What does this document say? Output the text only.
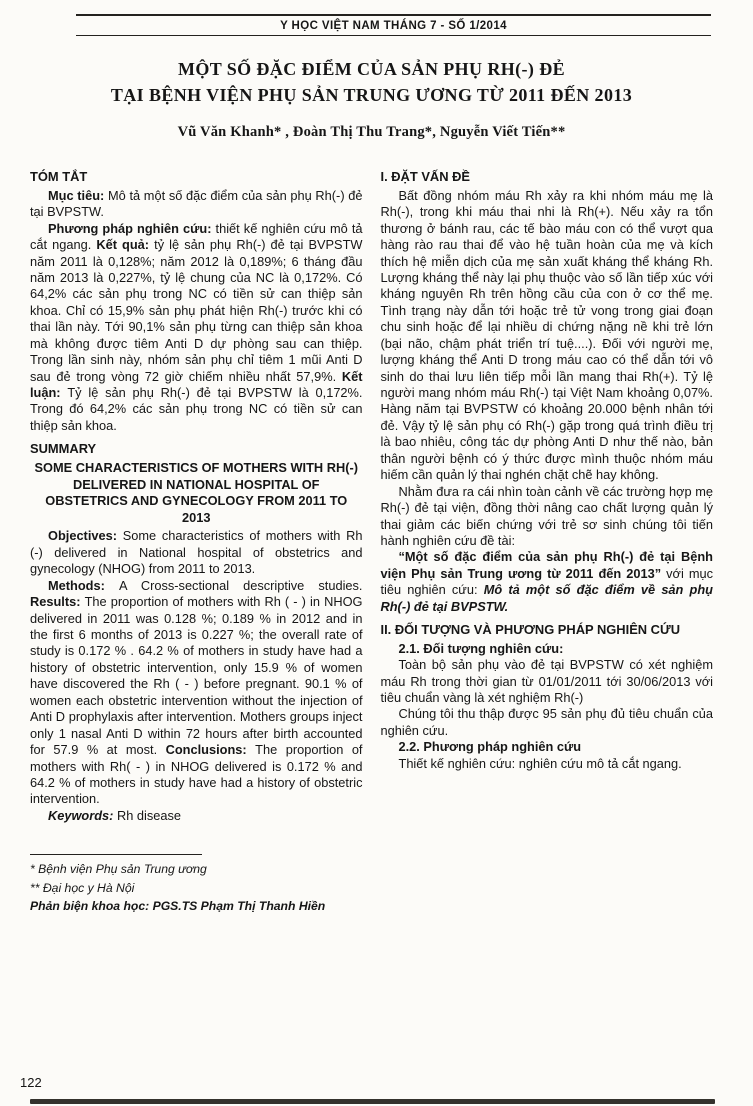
Y HỌC VIỆT NAM THÁNG 7 - SỐ 1/2014
MỘT SỐ ĐẶC ĐIỂM CỦA SẢN PHỤ RH(-) ĐẺ
TẠI BỆNH VIỆN PHỤ SẢN TRUNG ƯƠNG TỪ 2011 ĐẾN 2013
Vũ Văn Khanh* , Đoàn Thị Thu Trang*, Nguyễn Viết Tiến**
TÓM TẮT

Mục tiêu: Mô tả một số đặc điểm của sản phụ Rh(-) đẻ tại BVPSTW.

Phương pháp nghiên cứu: thiết kế nghiên cứu mô tả cắt ngang. Kết quả: tỷ lệ sản phụ Rh(-) đẻ tại BVPSTW năm 2011 là 0,128%; năm 2012 là 0,189%; 6 tháng đầu năm 2013 là 0,227%, tỷ lệ chung của NC là 0,172%. Có 64,2% các sản phụ trong NC có tiền sử can thiệp sản khoa. Chỉ có 15,9% sản phụ phát hiện Rh(-) trước khi có thai lần này. Tới 90,1% sản phụ từng can thiệp sản khoa mà không được tiêm Anti D dự phòng sau can thiệp. Trong lần sinh này, nhóm sản phụ chỉ tiêm 1 mũi Anti D sau đẻ trong vòng 72 giờ chiếm nhiều nhất 57,9%. Kết luận: Tỷ lệ sản phụ Rh(-) đẻ tại BVPSTW là 0,172%. Trong đó 64,2% các sản phụ trong NC có tiền sử can thiệp sản khoa.

SUMMARY

SOME CHARACTERISTICS OF MOTHERS WITH RH(-) DELIVERED IN NATIONAL HOSPITAL OF OBSTETRICS AND GYNECOLOGY FROM 2011 TO 2013

Objectives: Some characteristics of mothers with Rh (-) delivered in National hospital of obstetrics and gynecology (NHOG) from 2011 to 2013.

Methods: A Cross-sectional descriptive studies. Results: The proportion of mothers with Rh ( - ) in NHOG delivered in 2011 was 0.128 %; 0.189 % in 2012 and in the first 6 months of 2013 is 0.227 %; the overall rate of study is 0.172 % . 64.2 % of mothers in study have had a history of obstetric intervention, only 15.9 % of women have discovered the Rh ( - ) before pregnant. 90.1 % of women each obstetric intervention without the injection of Anti D prophylaxis after intervention. Mothers groups inject only 1 nasal Anti D within 72 hours after birth accounted for 57.9 % at most. Conclusions: The proportion of mothers with Rh( - ) in NHOG delivered is 0.172 % and 64.2 % of mothers in study have had a history of obstetric intervention.

Keywords: Rh disease

* Bệnh viện Phụ sản Trung ương

** Đại học y Hà Nội

Phản biện khoa học: PGS.TS Phạm Thị Thanh Hiền

I. ĐẶT VẤN ĐỀ

Bất đồng nhóm máu Rh xảy ra khi nhóm máu mẹ là Rh(-), trong khi máu thai nhi là Rh(+). Nếu xảy ra tổn thương ở bánh rau, các tế bào máu con có thể vượt qua hàng rào rau thai để vào hệ tuần hoàn của mẹ và kích thích hệ miễn dịch của mẹ sản xuất kháng thể kháng Rh. Lượng kháng thể này lại phụ thuộc vào số lần tiếp xúc với kháng nguyên Rh trên hồng cầu của con ở cơ thể mẹ. Tình trạng này dẫn tới hoặc trẻ tử vong trong giai đoạn chu sinh hoặc để lại nhiều di chứng nặng nề khi trẻ lớn (bại não, chậm phát triển trí tuệ....). Đối với người mẹ, lượng kháng thể Anti D trong máu cao có thể dẫn tới vô sinh do thai lưu liên tiếp mỗi lần mang thai Rh(+). Tỷ lệ người mang nhóm máu Rh(-) tại Việt Nam khoảng 0,07%. Hàng năm tại BVPSTW có khoảng 20.000 bệnh nhân tới đẻ. Vậy tỷ lệ sản phụ có Rh(-) gặp trong quá trình điều trị là bao nhiêu, công tác dự phòng Anti D như thế nào, bản thân người bệnh có ý thức được mình thuộc nhóm máu hiếm cần quản lý thai nghén chặt chẽ hay không.

Nhằm đưa ra cái nhìn toàn cảnh về các trường hợp mẹ Rh(-) đẻ tại viện, đồng thời nâng cao chất lượng quản lý thai giảm các biến chứng với trẻ sơ sinh chúng tôi tiến hành nghiên cứu đề tài:

“Một số đặc điểm của sản phụ Rh(-) đẻ tại Bệnh viện Phụ sản Trung ương từ 2011 đến 2013” với mục tiêu nghiên cứu: Mô tả một số đặc điểm về sản phụ Rh(-) đẻ tại BVPSTW.

II. ĐỐI TƯỢNG VÀ PHƯƠNG PHÁP NGHIÊN CỨU

2.1. Đối tượng nghiên cứu:

Toàn bộ sản phụ vào đẻ tại BVPSTW có xét nghiệm máu Rh trong thời gian từ 01/01/2011 tới 30/06/2013 với tiêu chuẩn vàng là xét nghiệm Rh(-)

Chúng tôi thu thập được 95 sản phụ đủ tiêu chuẩn của nghiên cứu.

2.2. Phương pháp nghiên cứu

Thiết kế nghiên cứu: nghiên cứu mô tả cắt ngang.

122
